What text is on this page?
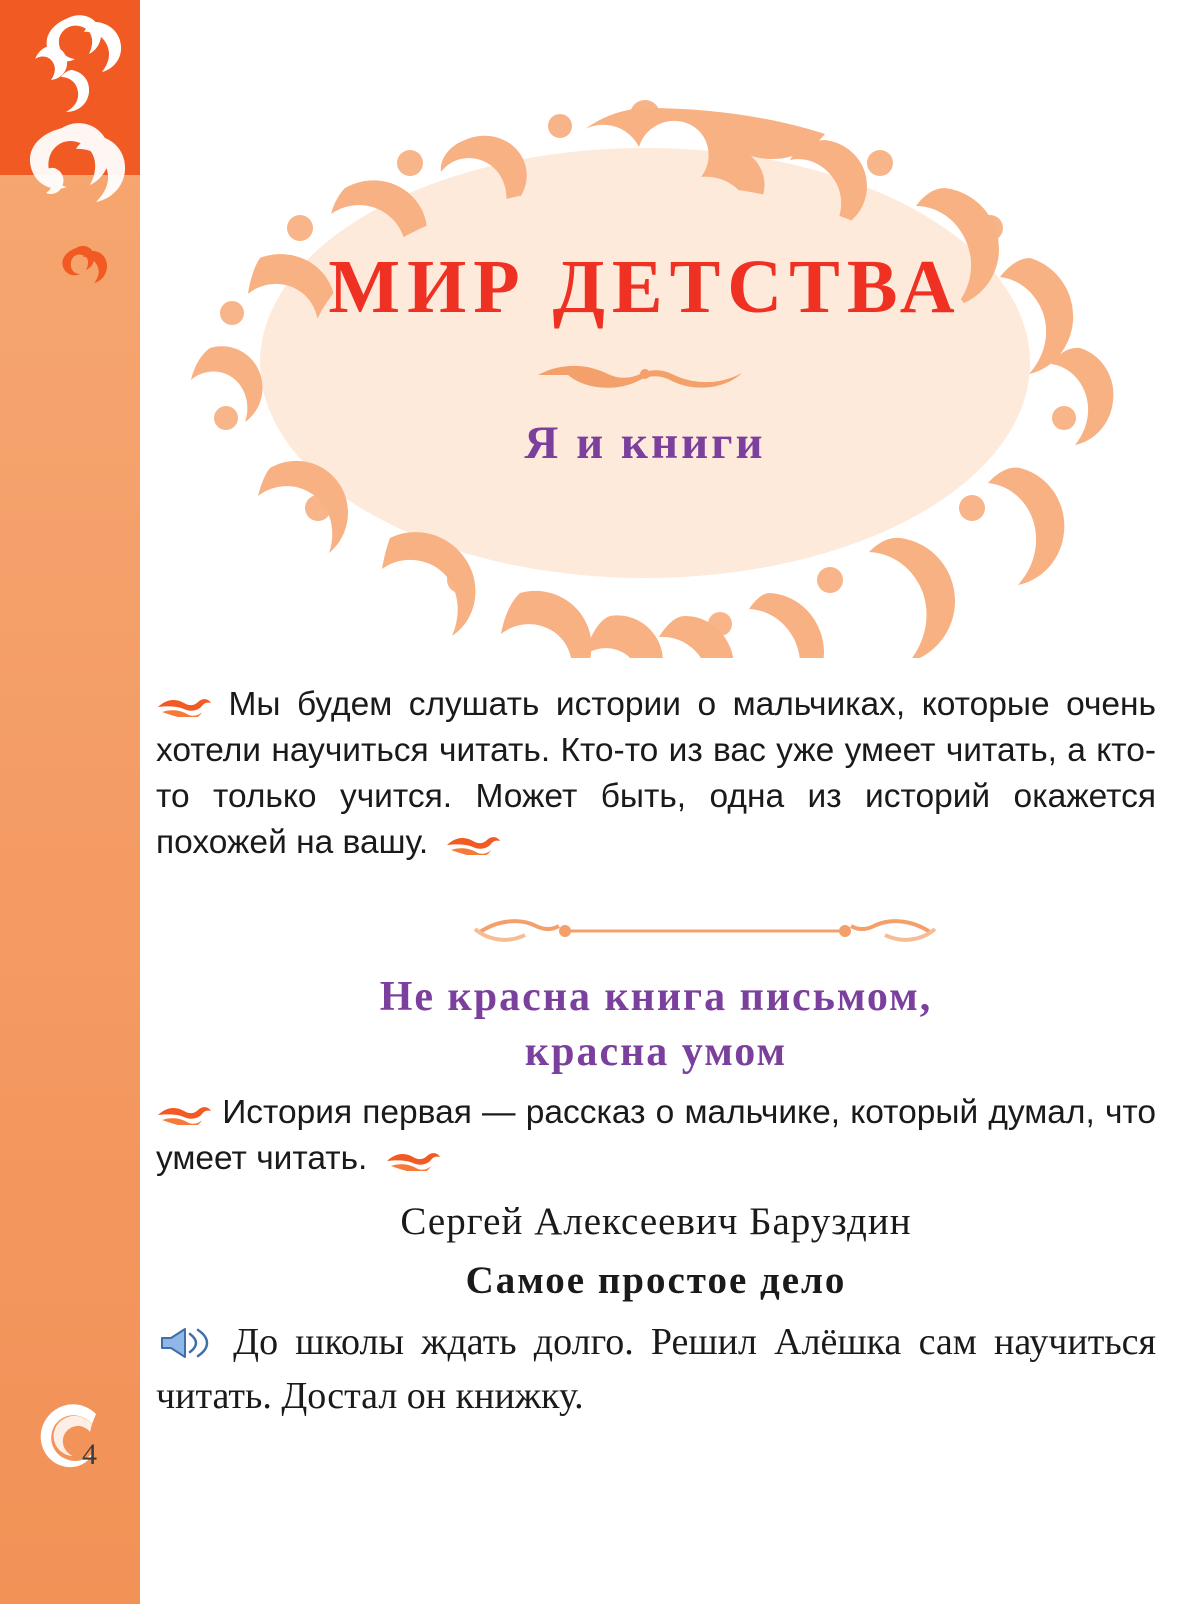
4
МИР ДЕТСТВА
Я и книги
Мы будем слушать истории о мальчиках, которые очень хотели научиться читать. Кто-то из вас уже умеет читать, а кто-то только учится. Может быть, одна из историй окажется похожей на вашу.
Не красна книга письмом,
красна умом
История первая — рассказ о мальчике, который думал, что умеет читать.
Сергей Алексеевич Баруздин
Самое простое дело
До школы ждать долго. Решил Алёшка сам научиться читать. Достал он книжку.
